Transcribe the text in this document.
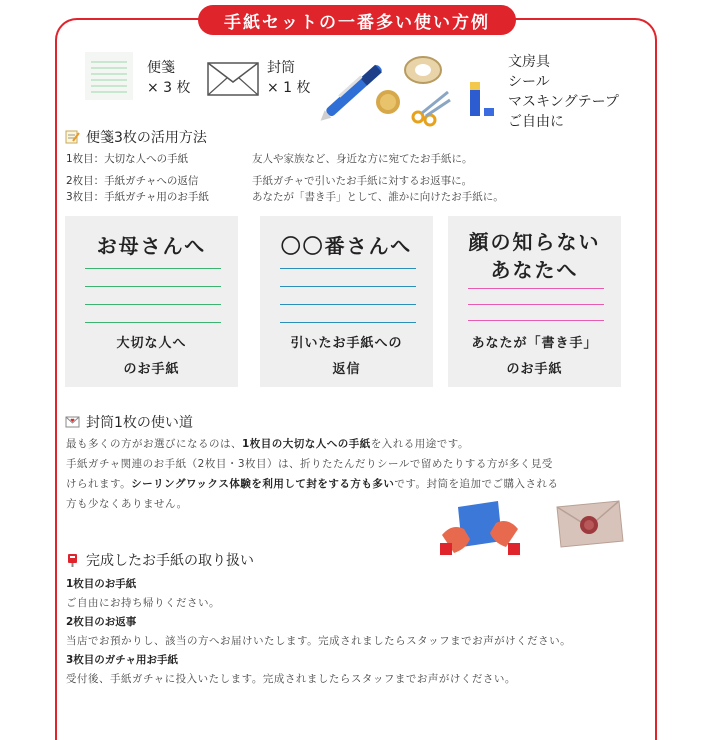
手紙セットの一番多い使い方例
便箋
× 3 枚
封筒
× 1 枚
文房具
シール
マスキングテープ
ご自由に
便箋3枚の活用方法
1枚目：大切な人への手紙	友人や家族など、身近な方に宛てたお手紙に。
2枚目：手紙ガチャへの返信	手紙ガチャで引いたお手紙に対するお返事に。
3枚目：手紙ガチャ用のお手紙	あなたが「書き手」として、誰かに向けたお手紙に。
お母さんへ
大切な人へ
のお手紙
〇〇番さんへ
引いたお手紙への
返信
顔の知らない
あなたへ
あなたが「書き手」
のお手紙
封筒1枚の使い道
最も多くの方がお選びになるのは、1枚目の大切な人への手紙を入れる用途です。
手紙ガチャ関連のお手紙（2枚目・3枚目）は、折りたたんだりシールで留めたりする方が多く見受
けられます。シーリングワックス体験を利用して封をする方も多いです。封筒を追加でご購入される
方も少なくありません。
完成したお手紙の取り扱い
1枚目のお手紙
ご自由にお持ち帰りください。
2枚目のお返事
当店でお預かりし、該当の方へお届けいたします。完成されましたらスタッフまでお声がけください。
3枚目のガチャ用お手紙
受付後、手紙ガチャに投入いたします。完成されましたらスタッフまでお声がけください。
